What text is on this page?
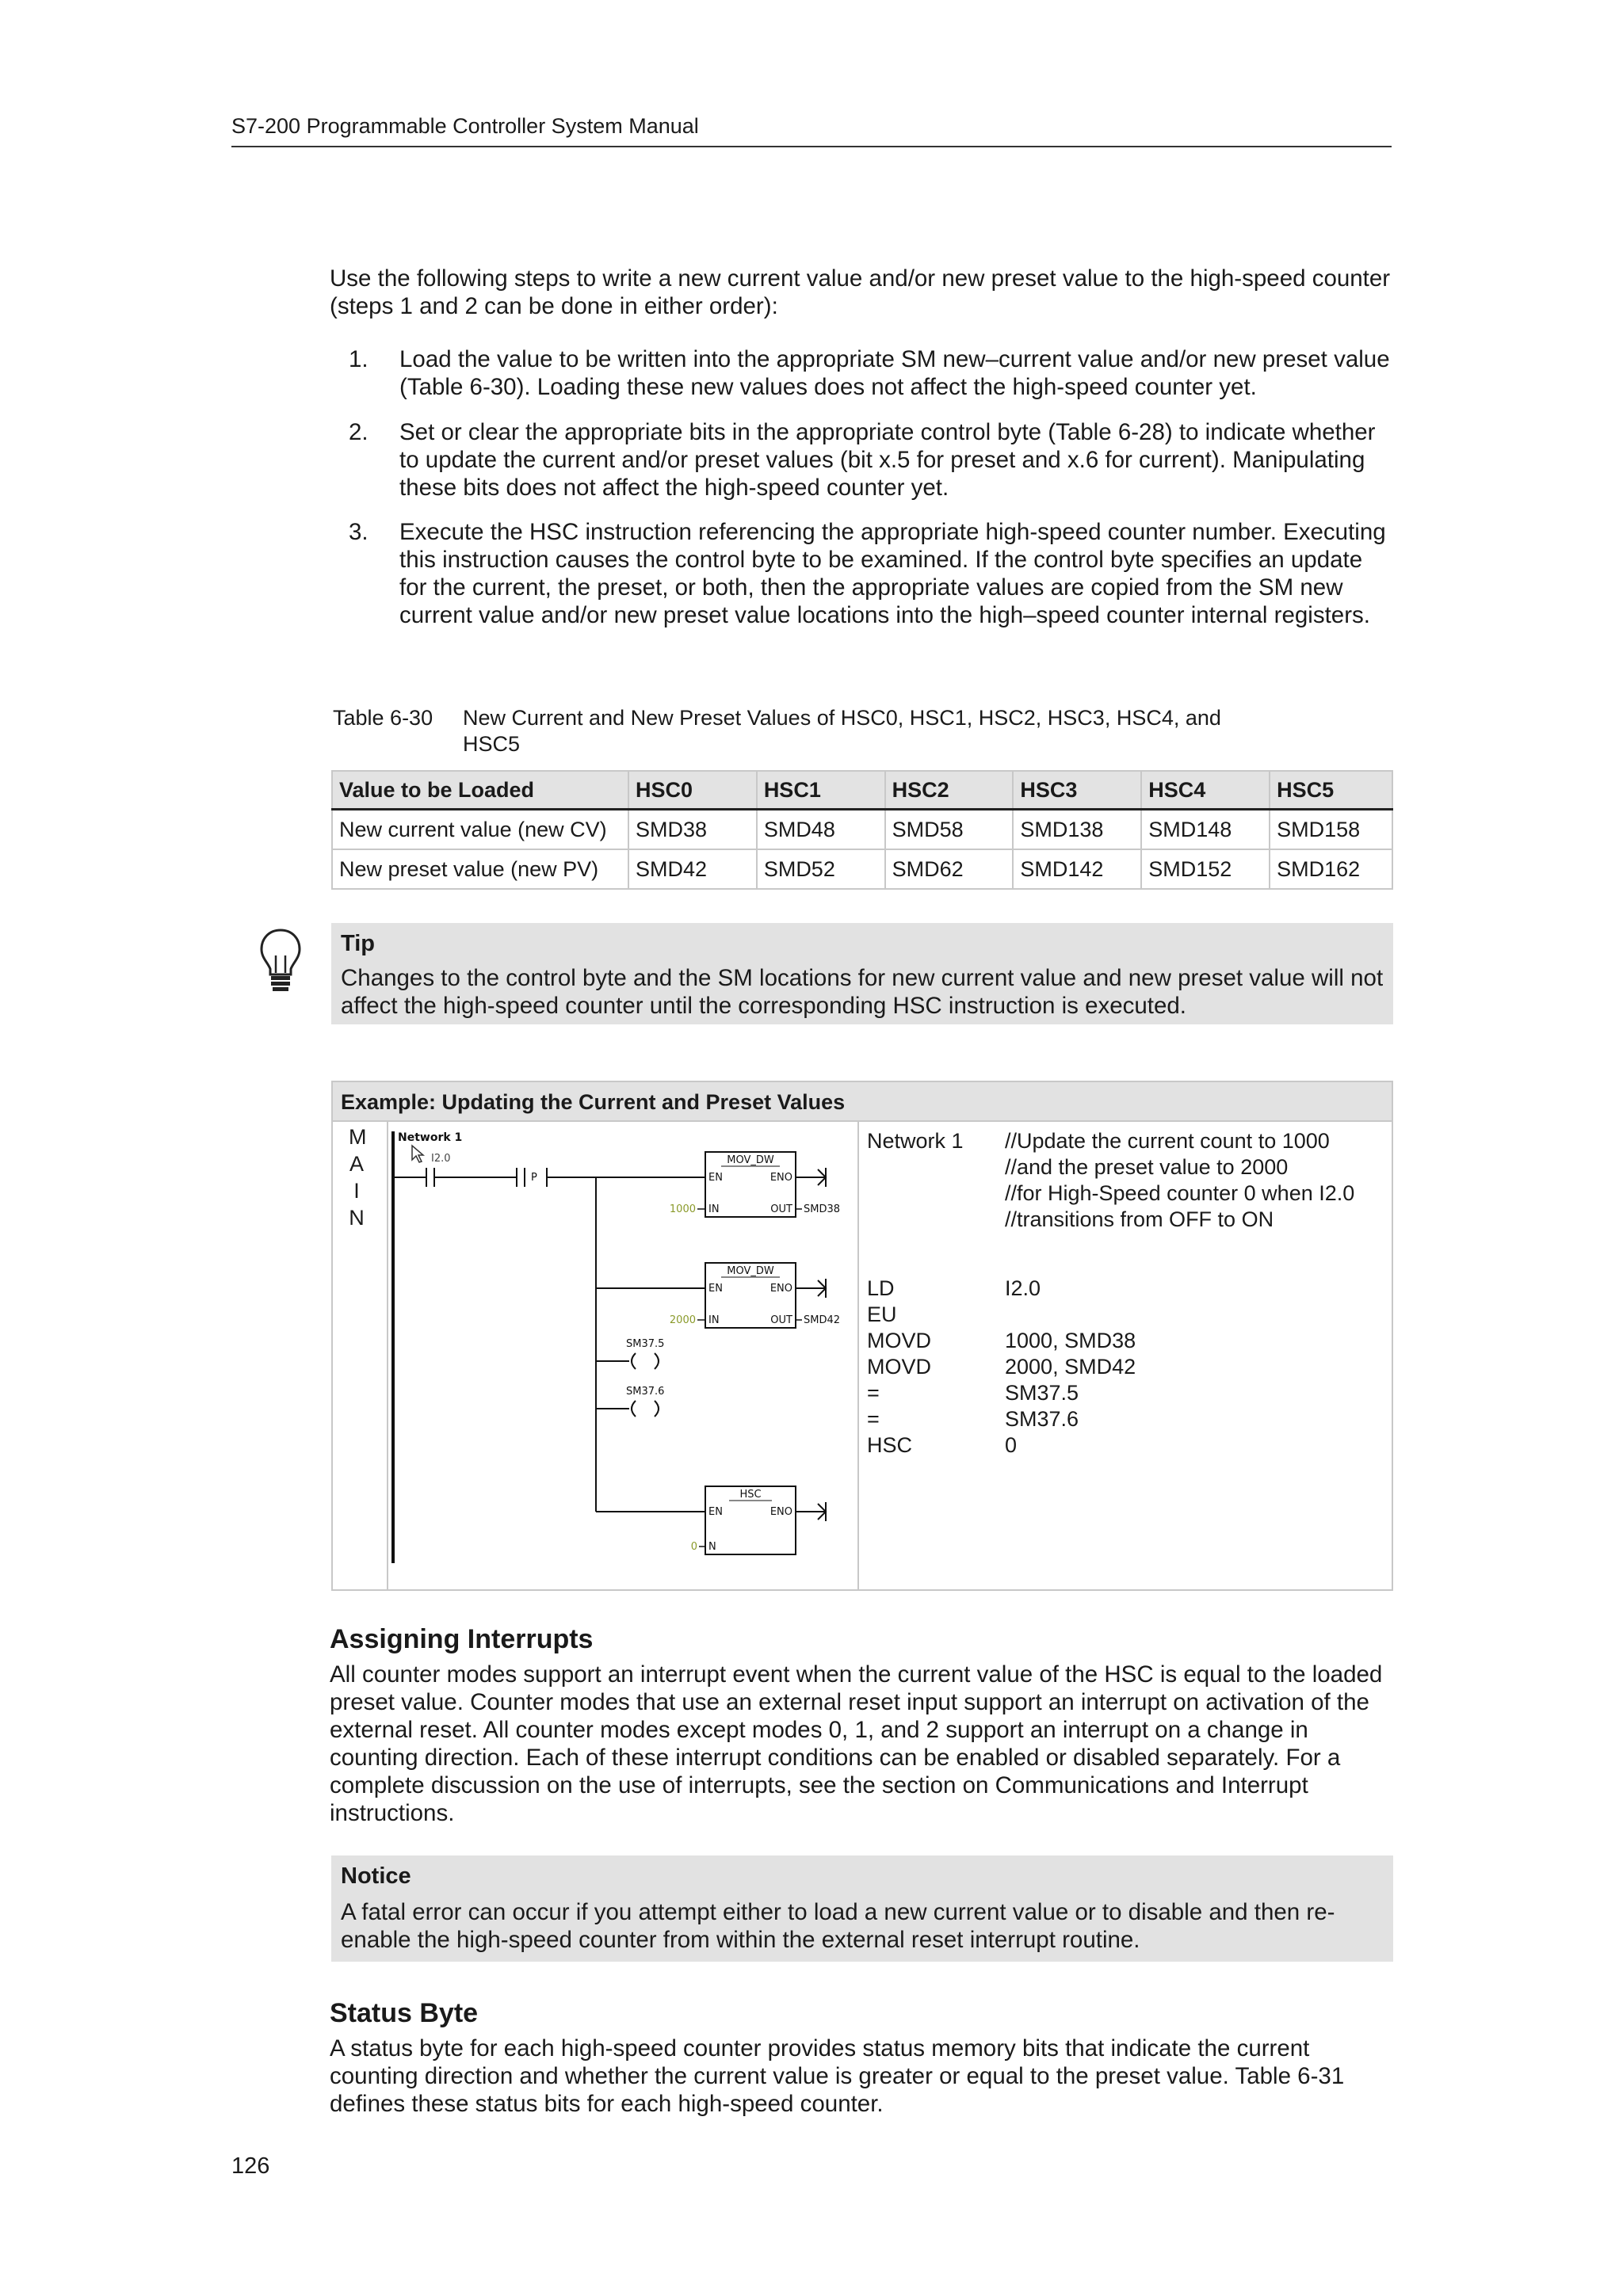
S7-200 Programmable Controller System Manual
Use the following steps to write a new current value and/or new preset value to the high-speed counter (steps 1 and 2 can be done in either order):
1. Load the value to be written into the appropriate SM new–current value and/or new preset value (Table 6-30). Loading these new values does not affect the high-speed counter yet.
2. Set or clear the appropriate bits in the appropriate control byte (Table 6-28) to indicate whether to update the current and/or preset values (bit x.5 for preset and x.6 for current). Manipulating these bits does not affect the high-speed counter yet.
3. Execute the HSC instruction referencing the appropriate high-speed counter number. Executing this instruction causes the control byte to be examined. If the control byte specifies an update for the current, the preset, or both, then the appropriate values are copied from the SM new current value and/or new preset value locations into the high–speed counter internal registers.
Table 6-30 New Current and New Preset Values of HSC0, HSC1, HSC2, HSC3, HSC4, and HSC5
Value to be Loaded	HSC0	HSC1	HSC2	HSC3	HSC4	HSC5
New current value (new CV)	SMD38	SMD48	SMD58	SMD138	SMD148	SMD158
New preset value (new PV)	SMD42	SMD52	SMD62	SMD142	SMD152	SMD162
Tip
Changes to the control byte and the SM locations for new current value and new preset value will not affect the high-speed counter until the corresponding HSC instruction is executed.
Example: Updating the Current and Preset Values
M
A
I
N
Network 1
I2.0
P
MOV_DW
EN	ENO
IN	OUT
1000	SMD38
MOV_DW
EN	ENO
IN	OUT
2000	SMD42
SM37.5
SM37.6
HSC
EN	ENO
N
0
Network 1 //Update the current count to 1000
//and the preset value to 2000
//for High-Speed counter 0 when I2.0
//transitions from OFF to ON
LD	I2.0
EU
MOVD	1000, SMD38
MOVD	2000, SMD42
=	SM37.5
=	SM37.6
HSC	0
Assigning Interrupts
All counter modes support an interrupt event when the current value of the HSC is equal to the loaded preset value. Counter modes that use an external reset input support an interrupt on activation of the external reset. All counter modes except modes 0, 1, and 2 support an interrupt on a change in counting direction. Each of these interrupt conditions can be enabled or disabled separately. For a complete discussion on the use of interrupts, see the section on Communications and Interrupt instructions.
Notice
A fatal error can occur if you attempt either to load a new current value or to disable and then re-enable the high-speed counter from within the external reset interrupt routine.
Status Byte
A status byte for each high-speed counter provides status memory bits that indicate the current counting direction and whether the current value is greater or equal to the preset value. Table 6-31 defines these status bits for each high-speed counter.
126
